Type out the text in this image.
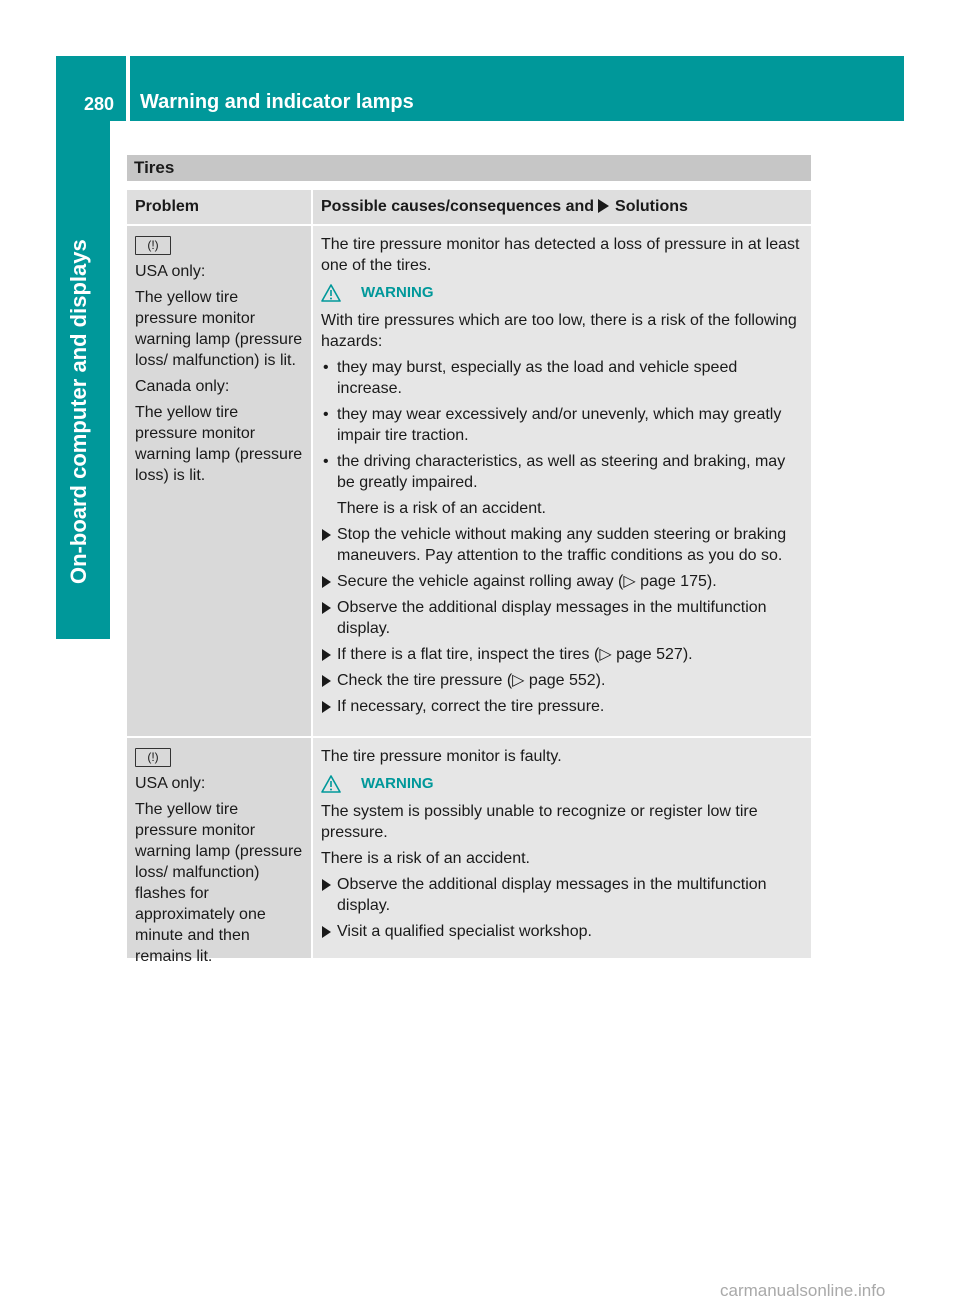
280 Warning and indicator lamps
On-board computer and displays
Tires
Problem	Possible causes/consequences and Solutions
(!)
USA only:
The yellow tire pressure monitor warning lamp (pressure loss/ malfunction) is lit.
Canada only:
The yellow tire pressure monitor warning lamp (pressure loss) is lit.
The tire pressure monitor has detected a loss of pressure in at least one of the tires.
WARNING
With tire pressures which are too low, there is a risk of the following hazards:
• they may burst, especially as the load and vehicle speed increase.
• they may wear excessively and/or unevenly, which may greatly impair tire traction.
• the driving characteristics, as well as steering and braking, may be greatly impaired.
There is a risk of an accident.
Stop the vehicle without making any sudden steering or braking maneuvers. Pay attention to the traffic conditions as you do so.
Secure the vehicle against rolling away (▷ page 175).
Observe the additional display messages in the multifunction display.
If there is a flat tire, inspect the tires (▷ page 527).
Check the tire pressure (▷ page 552).
If necessary, correct the tire pressure.
(!)
USA only:
The yellow tire pressure monitor warning lamp (pressure loss/ malfunction) flashes for approximately one minute and then remains lit.
The tire pressure monitor is faulty.
WARNING
The system is possibly unable to recognize or register low tire pressure.
There is a risk of an accident.
Observe the additional display messages in the multifunction display.
Visit a qualified specialist workshop.
carmanualsonline.info
